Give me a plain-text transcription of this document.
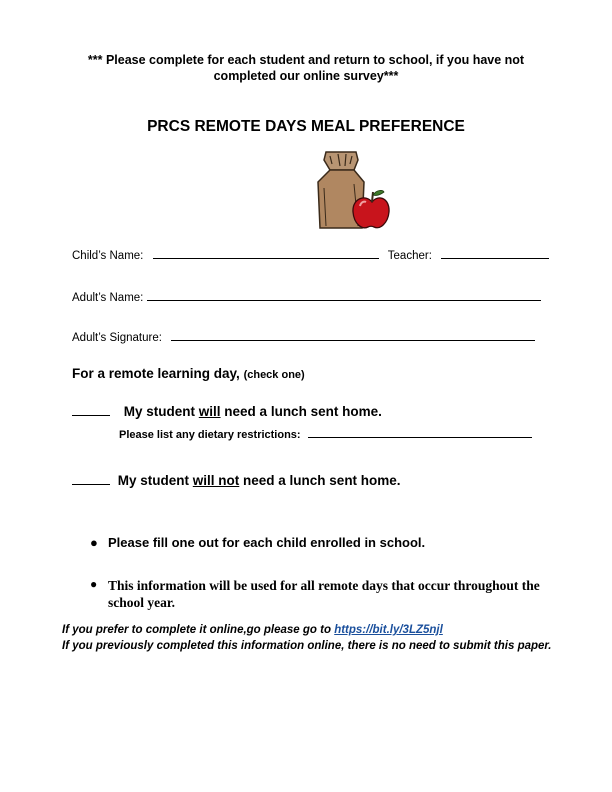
*** Please complete for each student and return to school, if you have not
completed our online survey***
PRCS REMOTE DAYS MEAL PREFERENCE
Child’s Name:	Teacher:
Adult’s Name:
Adult’s Signature:
For a remote learning day, (check one)
My student will need a lunch sent home.
Please list any dietary restrictions:
My student will not need a lunch sent home.
● Please fill one out for each child enrolled in school.
● This information will be used for all remote days that occur throughout the school year.
If you prefer to complete it online,go please go to https://bit.ly/3LZ5njl
If you previously completed this information online, there is no need to submit this paper.
